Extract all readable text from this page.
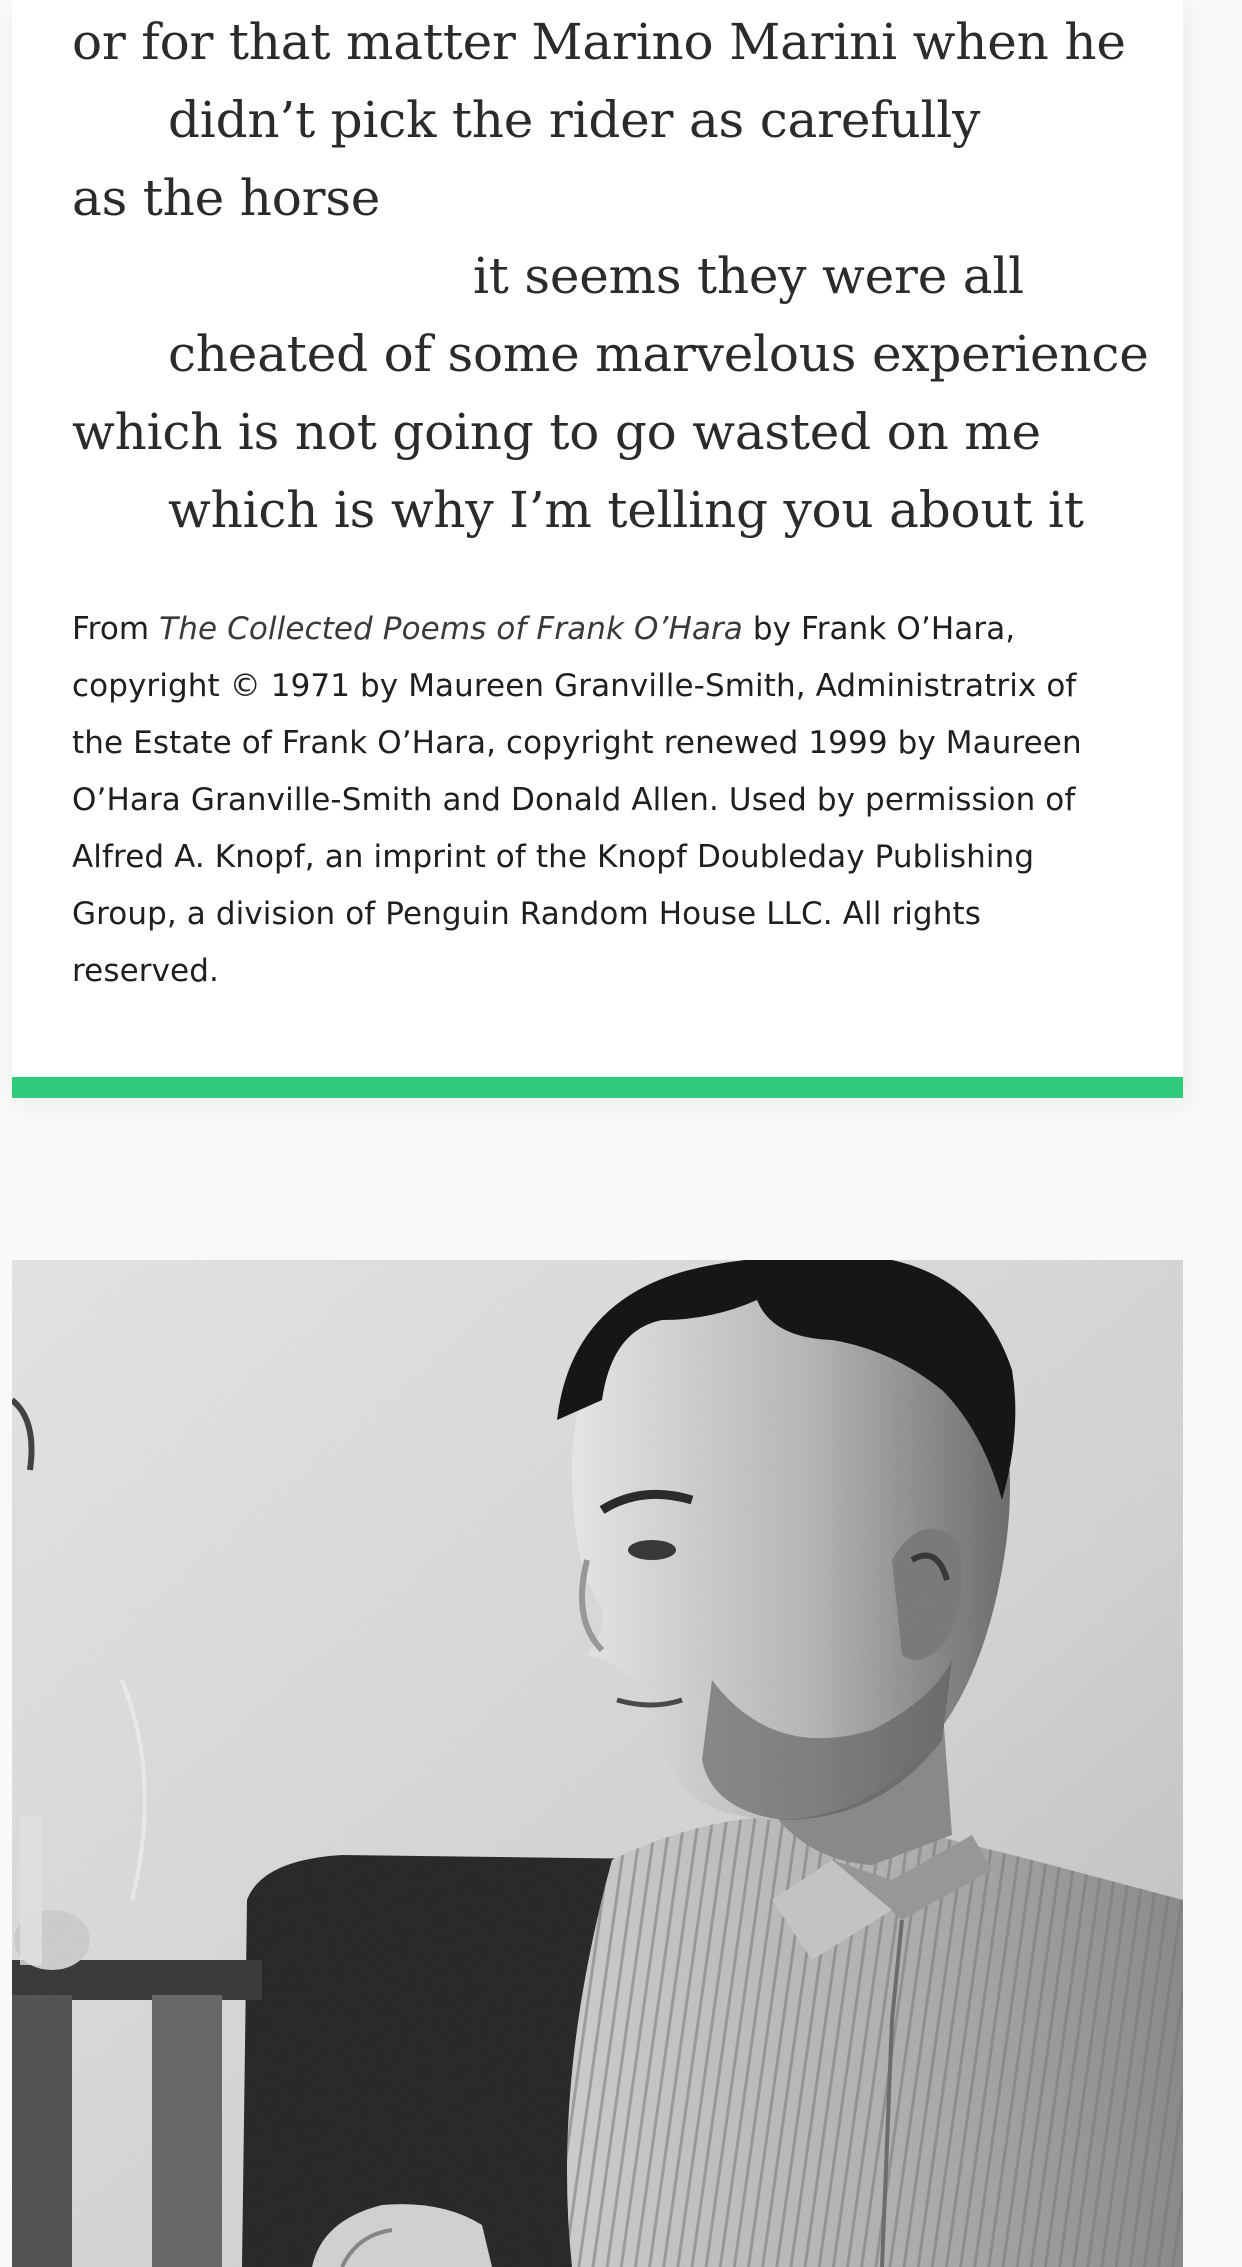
or for that matter Marino Marini when he
didn’t pick the rider as carefully
as the horse
it seems they were all
cheated of some marvelous experience
which is not going to go wasted on me
which is why I’m telling you about it

From The Collected Poems of Frank O’Hara by Frank O’Hara, copyright © 1971 by Maureen Granville-Smith, Administratrix of the Estate of Frank O’Hara, copyright renewed 1999 by Maureen O’Hara Granville-Smith and Donald Allen. Used by permission of Alfred A. Knopf, an imprint of the Knopf Doubleday Publishing Group, a division of Penguin Random House LLC. All rights reserved.
